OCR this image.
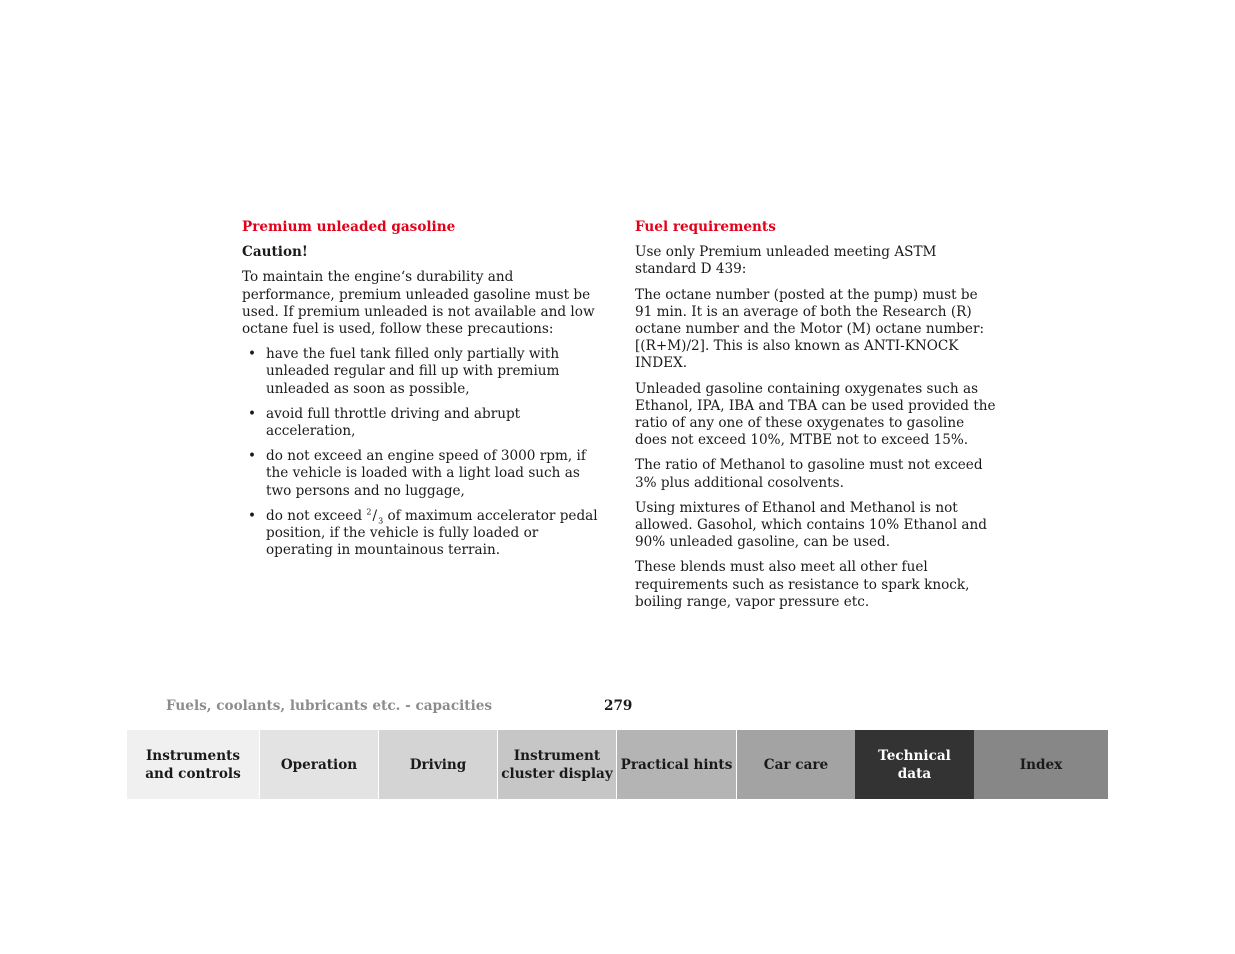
Premium unleaded gasoline
Caution!

To maintain the engine‘s durability and performance, premium unleaded gasoline must be used. If premium unleaded is not available and low octane fuel is used, follow these precautions:

• have the fuel tank filled only partially with unleaded regular and fill up with premium unleaded as soon as possible,
• avoid full throttle driving and abrupt acceleration,
• do not exceed an engine speed of 3000 rpm, if the vehicle is loaded with a light load such as two persons and no luggage,
• do not exceed $^2/_3$ of maximum accelerator pedal position, if the vehicle is fully loaded or operating in mountainous terrain.
Fuel requirements

Use only Premium unleaded meeting ASTM standard D 439:

The octane number (posted at the pump) must be 91 min. It is an average of both the Research (R) octane number and the Motor (M) octane number: [(R+M)/2]. This is also known as ANTI-KNOCK INDEX.

Unleaded gasoline containing oxygenates such as Ethanol, IPA, IBA and TBA can be used provided the ratio of any one of these oxygenates to gasoline does not exceed 10%, MTBE not to exceed 15%.

The ratio of Methanol to gasoline must not exceed 3% plus additional cosolvents.

Using mixtures of Ethanol and Methanol is not allowed. Gasohol, which contains 10% Ethanol and 90% unleaded gasoline, can be used.

These blends must also meet all other fuel requirements such as resistance to spark knock, boiling range, vapor pressure etc.

Fuels, coolants, lubricants etc. - capacities	279
Instruments
and controls
Operation	Driving
Instrument
cluster display
Practical hints	Car care
Technical
data
Index
